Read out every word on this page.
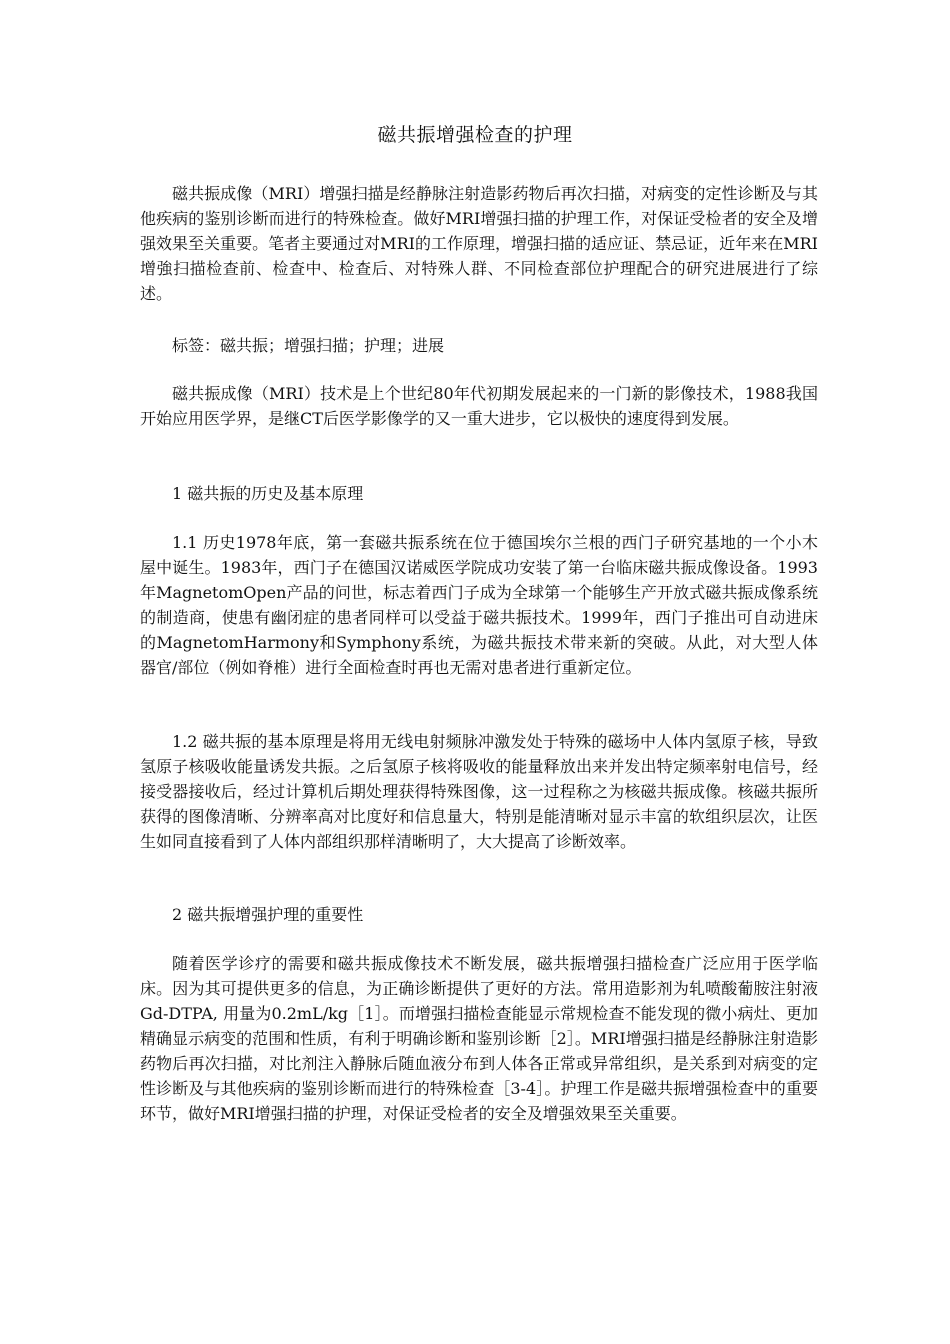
磁共振增强检查的护理

磁共振成像（MRI）增强扫描是经静脉注射造影药物后再次扫描，对病变的定性诊断及与其他疾病的鉴别诊断而进行的特殊检查。做好MRI增强扫描的护理工作，对保证受检者的安全及增强效果至关重要。笔者主要通过对MRI的工作原理，增强扫描的适应证、禁忌证，近年来在MRI增強扫描检查前、检查中、检查后、对特殊人群、不同检查部位护理配合的研究进展进行了综述。

标签：磁共振；增强扫描；护理；进展

磁共振成像（MRI）技术是上个世纪80年代初期发展起来的一门新的影像技术，1988我国开始应用医学界，是继CT后医学影像学的又一重大进步，它以极快的速度得到发展。

1 磁共振的历史及基本原理

1.1 历史1978年底，第一套磁共振系统在位于德国埃尔兰根的西门子研究基地的一个小木屋中诞生。1983年，西门子在德国汉诺威医学院成功安装了第一台临床磁共振成像设备。1993年MagnetomOpen产品的问世，标志着西门子成为全球第一个能够生产开放式磁共振成像系统的制造商，使患有幽闭症的患者同样可以受益于磁共振技术。1999年，西门子推出可自动进床的MagnetomHarmony和Symphony系统，为磁共振技术带来新的突破。从此，对大型人体器官/部位（例如脊椎）进行全面检查时再也无需对患者进行重新定位。

1.2 磁共振的基本原理是将用无线电射频脉冲激发处于特殊的磁场中人体内氢原子核，导致氢原子核吸收能量诱发共振。之后氢原子核将吸收的能量释放出来并发出特定频率射电信号，经接受器接收后，经过计算机后期处理获得特殊图像，这一过程称之为核磁共振成像。核磁共振所获得的图像清晰、分辨率高对比度好和信息量大，特别是能清晰对显示丰富的软组织层次，让医生如同直接看到了人体内部组织那样清晰明了，大大提高了诊断效率。

2 磁共振增强护理的重要性

随着医学诊疗的需要和磁共振成像技术不断发展，磁共振增强扫描检查广泛应用于医学临床。因为其可提供更多的信息，为正确诊断提供了更好的方法。常用造影剂为轧喷酸葡胺注射液Gd-DTPA, 用量为0.2mL/kg［1］。而增强扫描检查能显示常规检查不能发现的微小病灶、更加精确显示病变的范围和性质，有利于明确诊断和鉴别诊断［2］。MRI增强扫描是经静脉注射造影药物后再次扫描，对比剂注入静脉后随血液分布到人体各正常或异常组织，是关系到对病变的定性诊断及与其他疾病的鉴别诊断而进行的特殊检查［3-4］。护理工作是磁共振增强检查中的重要环节，做好MRI增强扫描的护理，对保证受检者的安全及增强效果至关重要。
